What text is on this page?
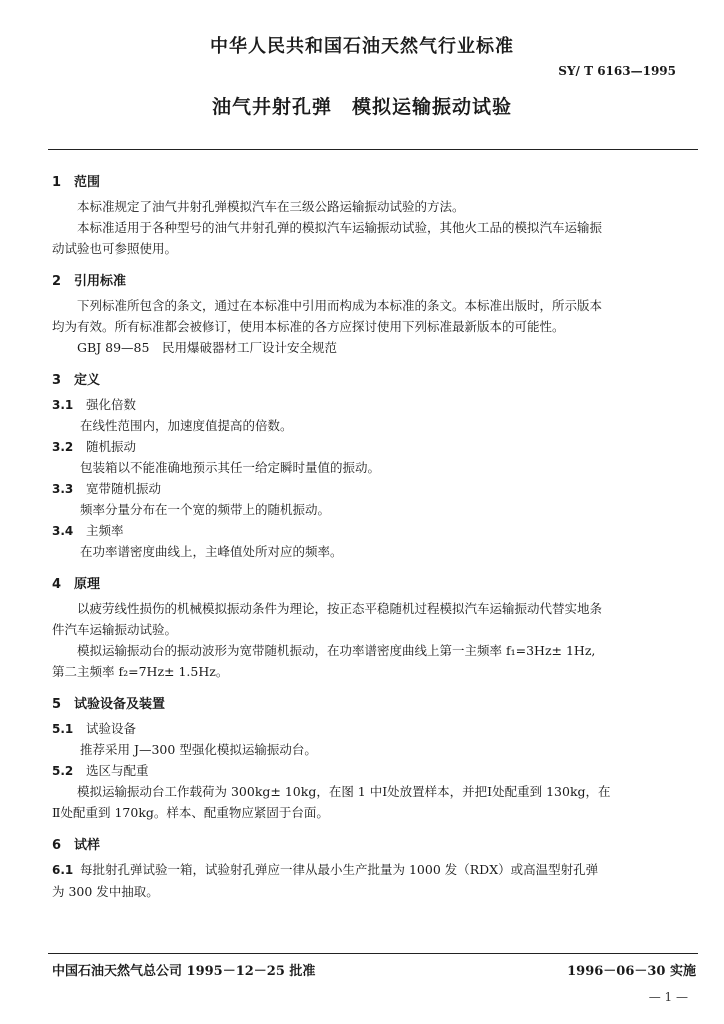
中华人民共和国石油天然气行业标准
SY/ T 6163—1995
油气井射孔弹　模拟运输振动试验
1 范围
本标准规定了油气井射孔弹模拟汽车在三级公路运输振动试验的方法。
本标准适用于各种型号的油气井射孔弹的模拟汽车运输振动试验，其他火工品的模拟汽车运输振
动试验也可参照使用。
2 引用标准
下列标准所包含的条文，通过在本标准中引用而构成为本标准的条文。本标准出版时，所示版本
均为有效。所有标准都会被修订，使用本标准的各方应探讨使用下列标准最新版本的可能性。
GBJ 89—85　民用爆破器材工厂设计安全规范
3 定义
3.1 强化倍数
在线性范围内，加速度值提高的倍数。
3.2 随机振动
包装箱以不能准确地预示其任一给定瞬时量值的振动。
3.3 宽带随机振动
频率分量分布在一个宽的频带上的随机振动。
3.4 主频率
在功率谱密度曲线上，主峰值处所对应的频率。
4 原理
以疲劳线性损伤的机械模拟振动条件为理论，按正态平稳随机过程模拟汽车运输振动代替实地条
件汽车运输振动试验。
模拟运输振动台的振动波形为宽带随机振动，在功率谱密度曲线上第一主频率 f₁=3Hz± 1Hz,
第二主频率 f₂=7Hz± 1.5Hz。
5 试验设备及装置
5.1 试验设备
推荐采用 J—300 型强化模拟运输振动台。
5.2 选区与配重
模拟运输振动台工作载荷为 300kg± 10kg，在图 1 中Ⅰ处放置样本，并把Ⅰ处配重到 130kg，在
Ⅱ处配重到 170kg。样本、配重物应紧固于台面。
6 试样
6.1 每批射孔弹试验一箱，试验射孔弹应一律从最小生产批量为 1000 发（RDX）或高温型射孔弹
为 300 发中抽取。
中国石油天然气总公司 1995－12－25 批准	1996－06－30 实施
— 1 —
